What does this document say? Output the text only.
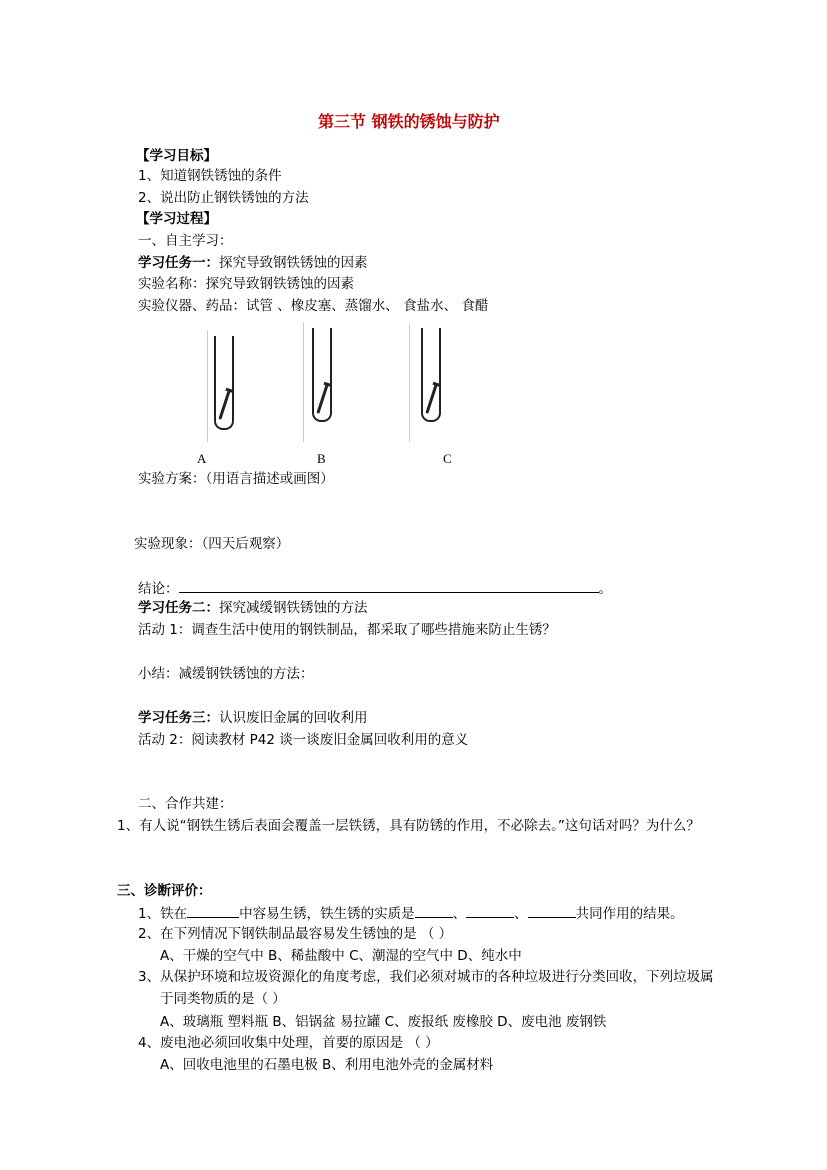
第三节 钢铁的锈蚀与防护
【学习目标】
1、知道钢铁锈蚀的条件
2、说出防止钢铁锈蚀的方法
【学习过程】
一、自主学习：
学习任务一：探究导致钢铁锈蚀的因素
实验名称：探究导致钢铁锈蚀的因素
实验仪器、药品：试管 、橡皮塞、蒸馏水、 食盐水、 食醋
A	B	C
实验方案：（用语言描述或画图）
实验现象：（四天后观察）
结论：	。
学习任务二：探究减缓钢铁锈蚀的方法
活动 1：调查生活中使用的钢铁制品，都采取了哪些措施来防止生锈？
小结：减缓钢铁锈蚀的方法：
学习任务三：认识废旧金属的回收利用
活动 2：阅读教材 P42 谈一谈废旧金属回收利用的意义
二、合作共建：
1、有人说“钢铁生锈后表面会覆盖一层铁锈，具有防锈的作用，不必除去。”这句话对吗？为什么？
三、诊断评价：
1、铁在	中容易生锈，铁生锈的实质是	、	、	共同作用的结果。
2、在下列情况下钢铁制品最容易发生锈蚀的是 （ ）
A、干燥的空气中 B、稀盐酸中 C、潮湿的空气中 D、纯水中
3、从保护环境和垃圾资源化的角度考虑，我们必须对城市的各种垃圾进行分类回收，下列垃圾属
于同类物质的是（ ）
A、玻璃瓶 塑料瓶 B、铝锅盆 易拉罐 C、废报纸 废橡胶 D、废电池 废钢铁
4、废电池必须回收集中处理，首要的原因是 （ ）
A、回收电池里的石墨电极 B、利用电池外壳的金属材料
